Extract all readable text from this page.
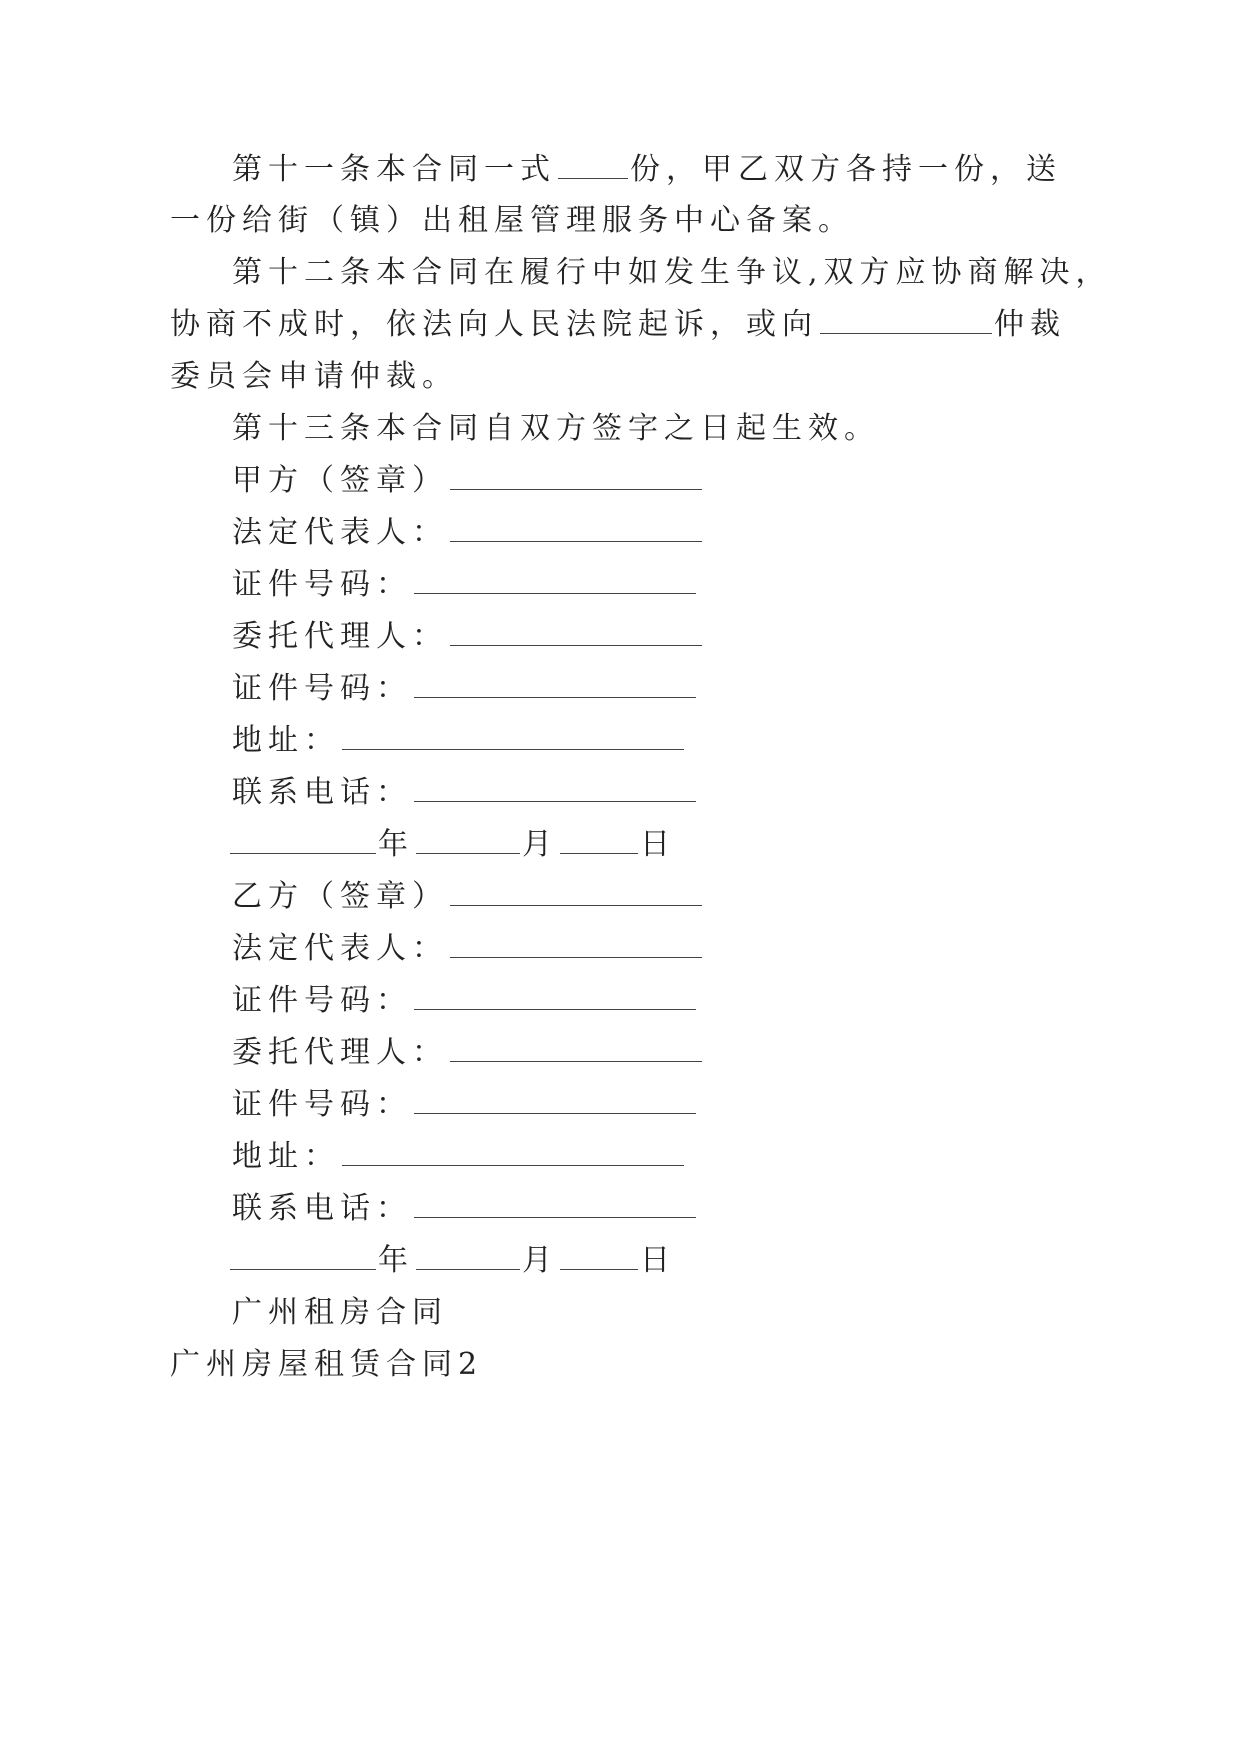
第十一条本合同一式 份，甲乙双方各持一份，送
一份给街（镇）出租屋管理服务中心备案。
第十二条本合同在履行中如发生争议,双方应协商解决，
协商不成时，依法向人民法院起诉，或向	仲裁
委员会申请仲裁。
第十三条本合同自双方签字之日起生效。
甲方（签章）
法定代表人：
证件号码：
委托代理人：
证件号码：
地址：
联系电话：
年	月	日
乙方（签章）
法定代表人：
证件号码：
委托代理人：
证件号码：
地址：
联系电话：
年	月	日
广州租房合同
广州房屋租赁合同2
